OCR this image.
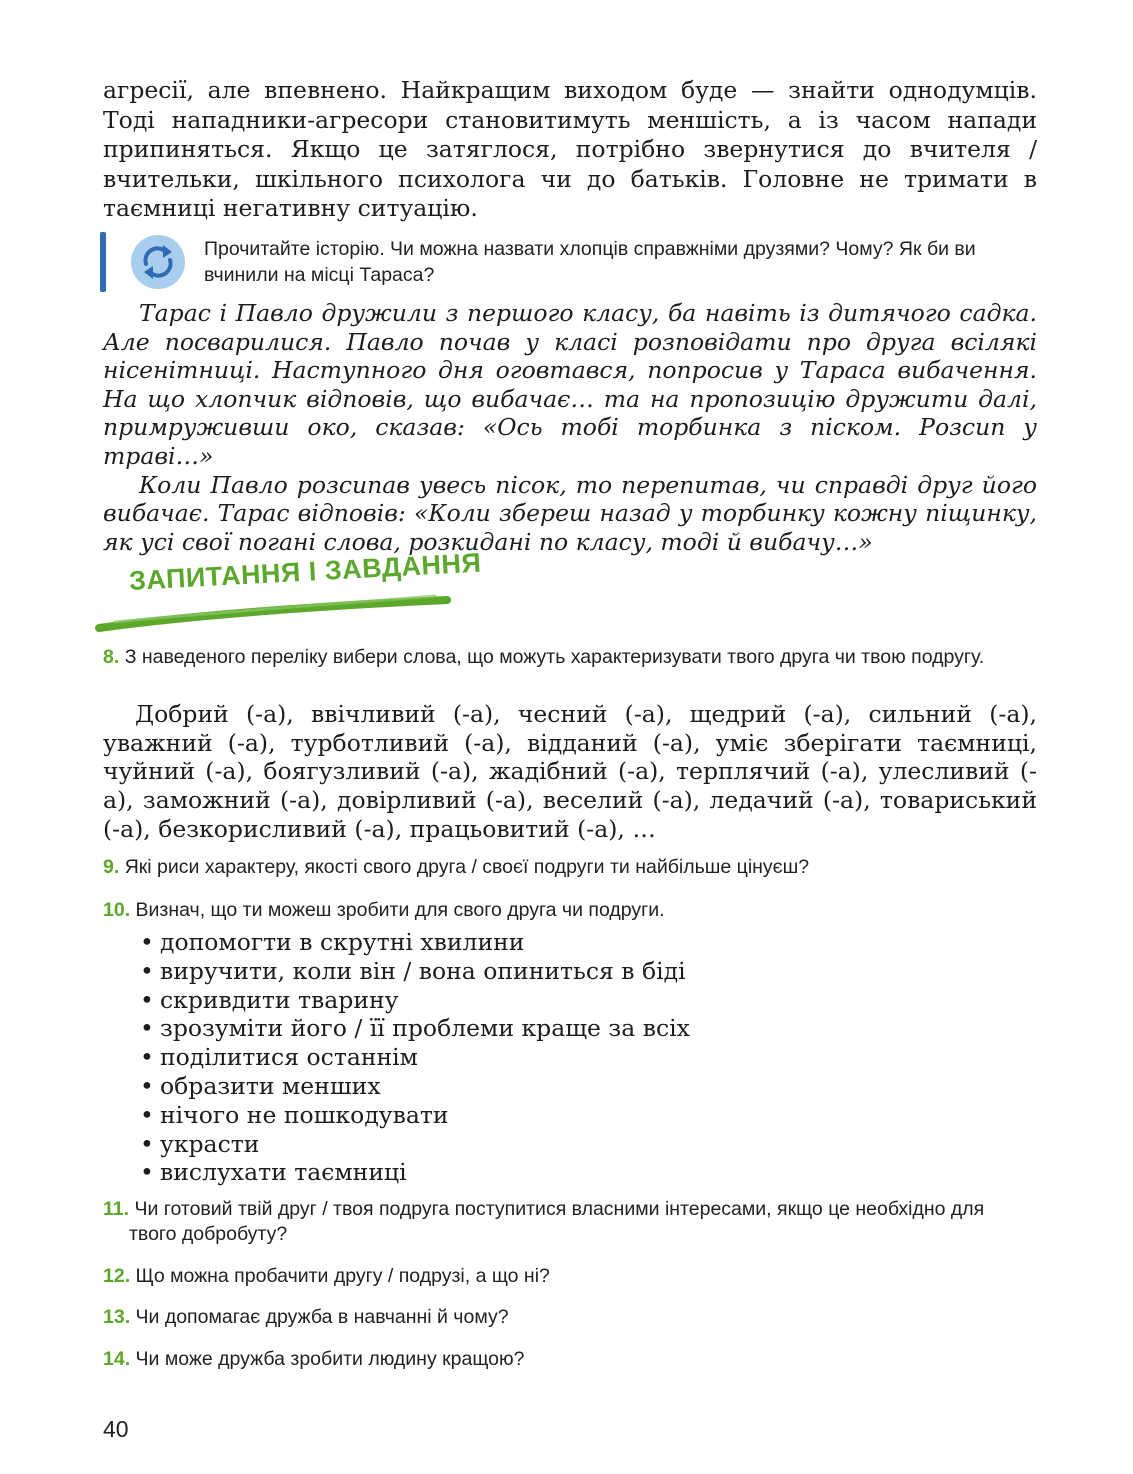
агресії, але впевнено. Найкращим виходом буде — знайти однодумців. Тоді нападники-агресори становитимуть меншість, а із часом напади припиняться. Якщо це затяглося, потрібно звернутися до вчителя / вчительки, шкільного психолога чи до батьків. Головне не тримати в таємниці негативну ситуацію.

Прочитайте історію. Чи можна назвати хлопців справжніми друзями? Чому? Як би ви вчинили на місці Тараса?

Тарас і Павло дружили з першого класу, ба навіть із дитячого садка. Але посварилися. Павло почав у класі розповідати про друга всілякі нісенітниці. Наступного дня оговтався, попросив у Тараса вибачення. На що хлопчик відповів, що вибачає… та на пропозицію дружити далі, примруживши око, сказав: «Ось тобі торбинка з піском. Розсип у траві…»

Коли Павло розсипав увесь пісок, то перепитав, чи справді друг його вибачає. Тарас відповів: «Коли збереш назад у торбинку кожну піщинку, як усі свої погані слова, розкидані по класу, тоді й вибачу…»

ЗАПИТАННЯ І ЗАВДАННЯ
8. З наведеного переліку вибери слова, що можуть характеризувати твого друга чи твою подругу.

Добрий (-а), ввічливий (-а), чесний (-а), щедрий (-а), сильний (-а), уважний (-а), турботливий (-а), відданий (-а), уміє зберігати таємниці, чуйний (-а), боягузливий (-а), жадібний (-а), терплячий (-а), улесливий (-а), заможний (-а), довірливий (-а), веселий (-а), ледачий (-а), товариський (-а), безкорисливий (-а), працьовитий (-а), …

9. Які риси характеру, якості свого друга / своєї подруги ти найбільше цінуєш?
10. Визнач, що ти можеш зробити для свого друга чи подруги.
• допомогти в скрутні хвилини
• виручити, коли він / вона опиниться в біді
• скривдити тварину
• зрозуміти його / її проблеми краще за всіх
• поділитися останнім
• образити менших
• нічого не пошкодувати
• украсти
• вислухати таємниці
11. Чи готовий твій друг / твоя подруга поступитися власними інтересами, якщо це необхідно для твого добробуту?
12. Що можна пробачити другу / подрузі, а що ні?
13. Чи допомагає дружба в навчанні й чому?
14. Чи може дружба зробити людину кращою?
40
